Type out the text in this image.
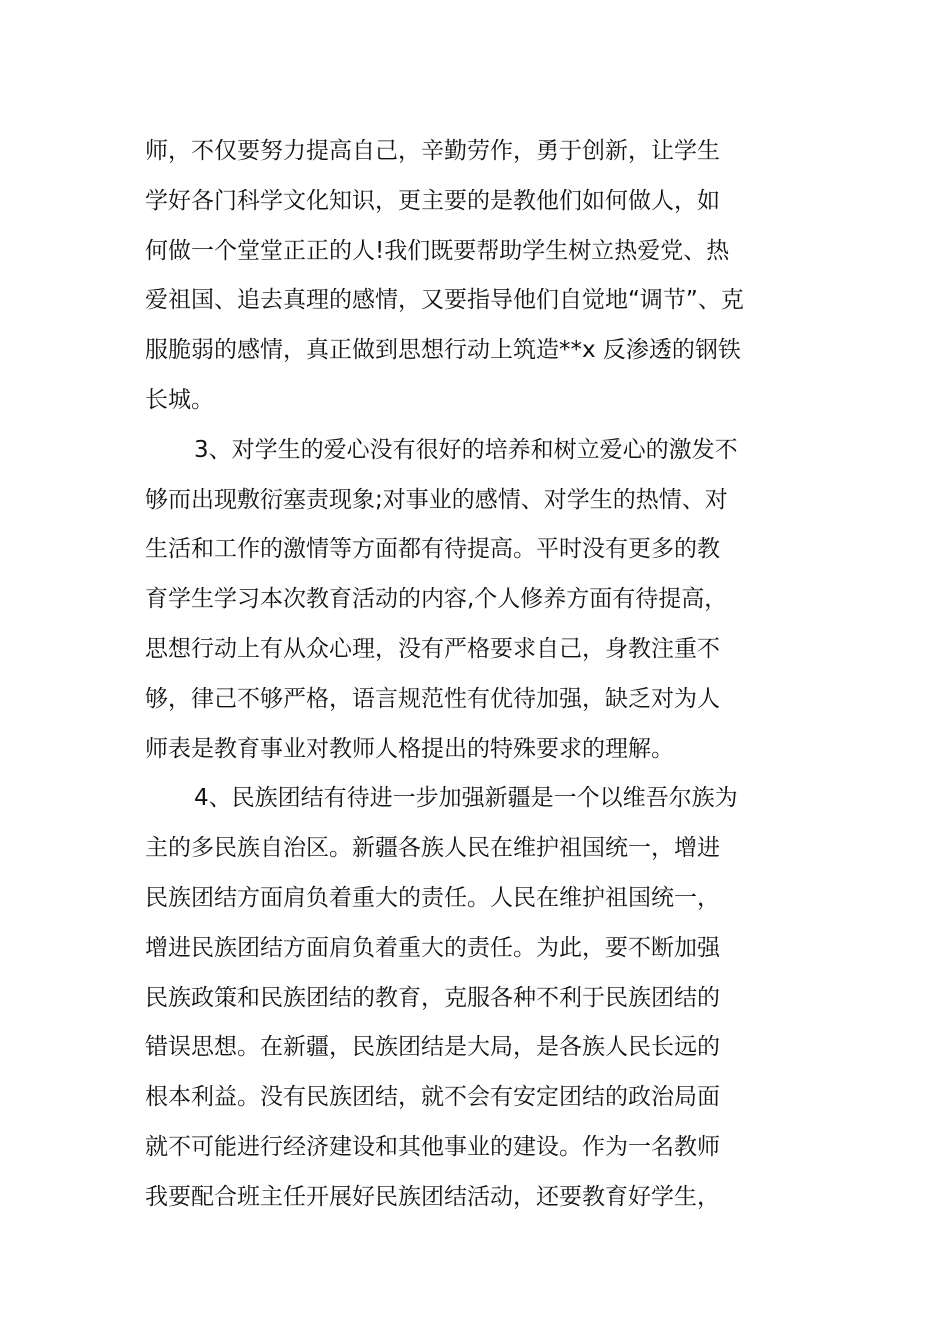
师，不仅要努力提高自己，辛勤劳作，勇于创新，让学生
学好各门科学文化知识，更主要的是教他们如何做人，如
何做一个堂堂正正的人!我们既要帮助学生树立热爱党、热
爱祖国、追去真理的感情，又要指导他们自觉地“调节”、克
服脆弱的感情，真正做到思想行动上筑造**x 反渗透的钢铁
长城。
3、对学生的爱心没有很好的培养和树立爱心的激发不
够而出现敷衍塞责现象;对事业的感情、对学生的热情、对
生活和工作的激情等方面都有待提高。平时没有更多的教
育学生学习本次教育活动的内容,个人修养方面有待提高，
思想行动上有从众心理，没有严格要求自己，身教注重不
够，律己不够严格，语言规范性有优待加强，缺乏对为人
师表是教育事业对教师人格提出的特殊要求的理解。
4、民族团结有待进一步加强新疆是一个以维吾尔族为
主的多民族自治区。新疆各族人民在维护祖国统一，增进
民族团结方面肩负着重大的责任。人民在维护祖国统一，
增进民族团结方面肩负着重大的责任。为此，要不断加强
民族政策和民族团结的教育，克服各种不利于民族团结的
错误思想。在新疆，民族团结是大局，是各族人民长远的
根本利益。没有民族团结，就不会有安定团结的政治局面
就不可能进行经济建设和其他事业的建设。作为一名教师
我要配合班主任开展好民族团结活动，还要教育好学生，
